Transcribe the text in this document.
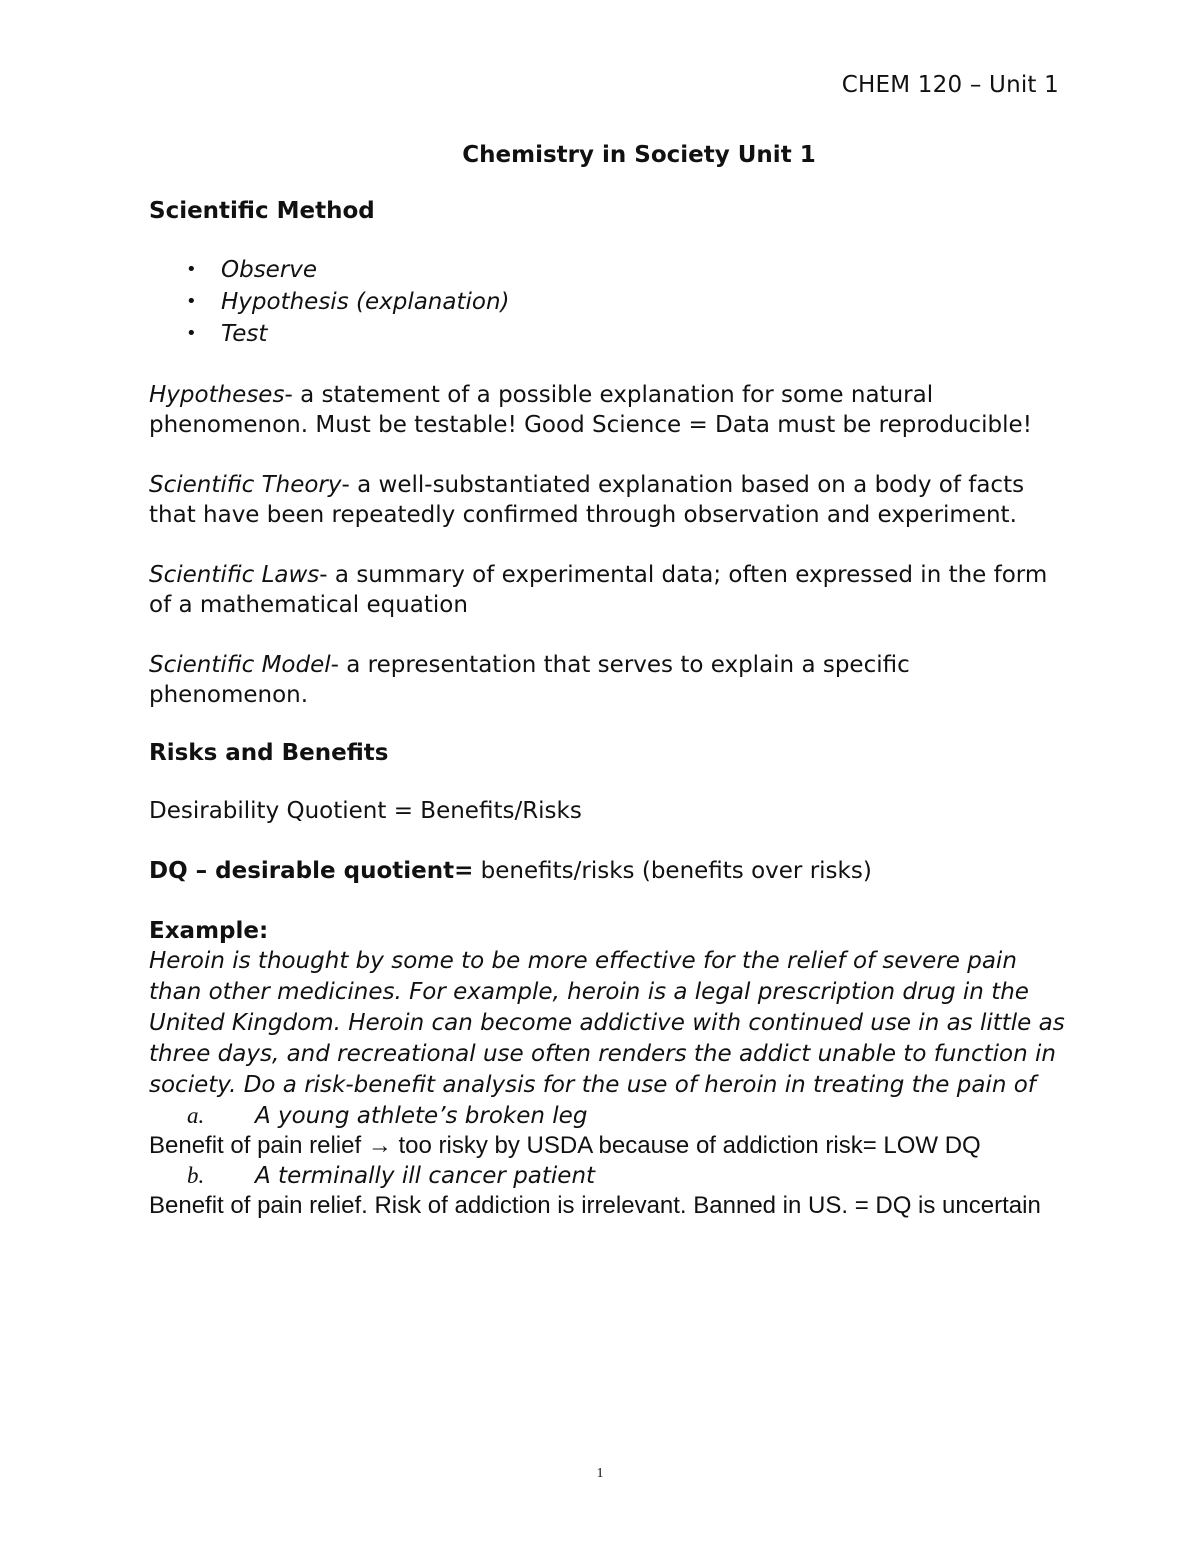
CHEM 120 – Unit 1
Chemistry in Society Unit 1
Scientific Method
• Observe
• Hypothesis (explanation)
• Test

Hypotheses- a statement of a possible explanation for some natural phenomenon. Must be testable! Good Science = Data must be reproducible!

Scientific Theory- a well-substantiated explanation based on a body of facts that have been repeatedly confirmed through observation and experiment.

Scientific Laws- a summary of experimental data; often expressed in the form of a mathematical equation

Scientific Model- a representation that serves to explain a specific phenomenon.

Risks and Benefits

Desirability Quotient = Benefits/Risks

DQ – desirable quotient= benefits/risks (benefits over risks)

Example:
Heroin is thought by some to be more effective for the relief of severe pain than other medicines. For example, heroin is a legal prescription drug in the United Kingdom. Heroin can become addictive with continued use in as little as three days, and recreational use often renders the addict unable to function in society. Do a risk-benefit analysis for the use of heroin in treating the pain of
a. A young athlete’s broken leg
Benefit of pain relief → too risky by USDA because of addiction risk= LOW DQ
b. A terminally ill cancer patient
Benefit of pain relief. Risk of addiction is irrelevant. Banned in US. = DQ is uncertain
1
